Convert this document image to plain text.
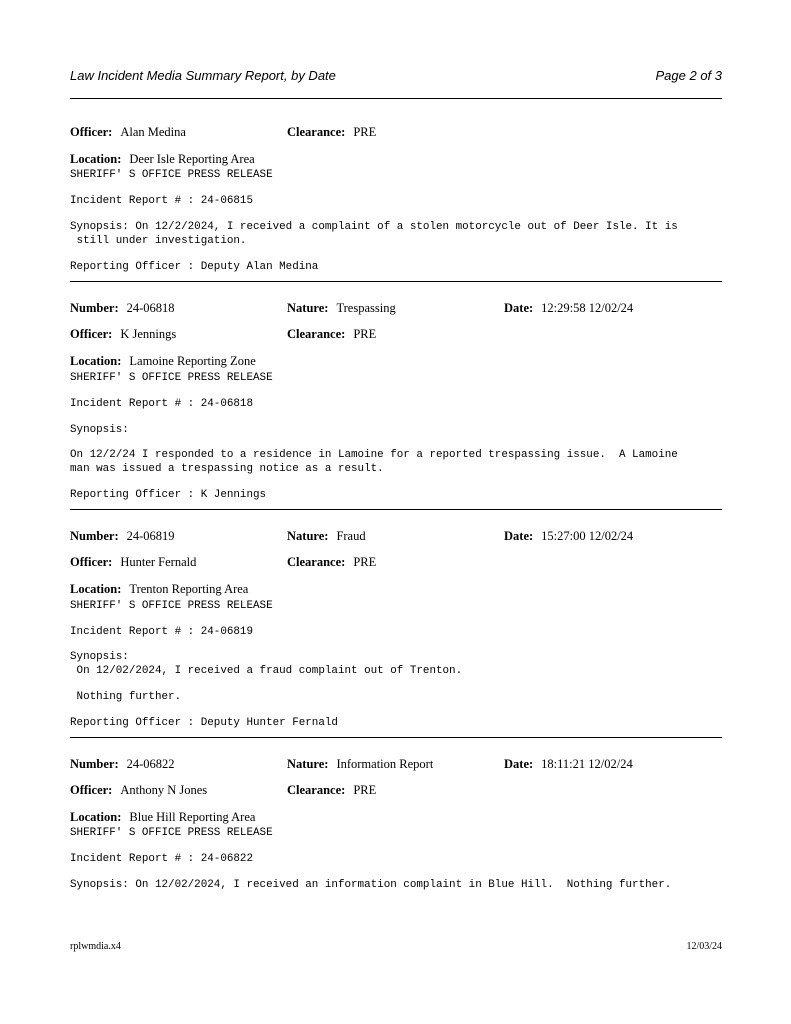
Law Incident Media Summary Report, by Date	Page 2 of 3
Officer: Alan Medina	Clearance: PRE
Location: Deer Isle Reporting Area
SHERIFF' S OFFICE PRESS RELEASE
Incident Report # : 24-06815
Synopsis: On 12/2/2024, I received a complaint of a stolen motorcycle out of Deer Isle. It is
still under investigation.
Reporting Officer : Deputy Alan Medina
Number: 24-06818	Nature: Trespassing	Date: 12:29:58 12/02/24
Officer: K Jennings	Clearance: PRE
Location: Lamoine Reporting Zone
SHERIFF' S OFFICE PRESS RELEASE
Incident Report # : 24-06818
Synopsis:
On 12/2/24 I responded to a residence in Lamoine for a reported trespassing issue.  A Lamoine
man was issued a trespassing notice as a result.
Reporting Officer : K Jennings
Number: 24-06819	Nature: Fraud	Date: 15:27:00 12/02/24
Officer: Hunter Fernald	Clearance: PRE
Location: Trenton Reporting Area
SHERIFF' S OFFICE PRESS RELEASE
Incident Report # : 24-06819
Synopsis:
On 12/02/2024, I received a fraud complaint out of Trenton.
Nothing further.
Reporting Officer : Deputy Hunter Fernald
Number: 24-06822	Nature: Information Report	Date: 18:11:21 12/02/24
Officer: Anthony N Jones	Clearance: PRE
Location: Blue Hill Reporting Area
SHERIFF' S OFFICE PRESS RELEASE
Incident Report # : 24-06822
Synopsis: On 12/02/2024, I received an information complaint in Blue Hill.  Nothing further.
rplwmdia.x4	12/03/24
